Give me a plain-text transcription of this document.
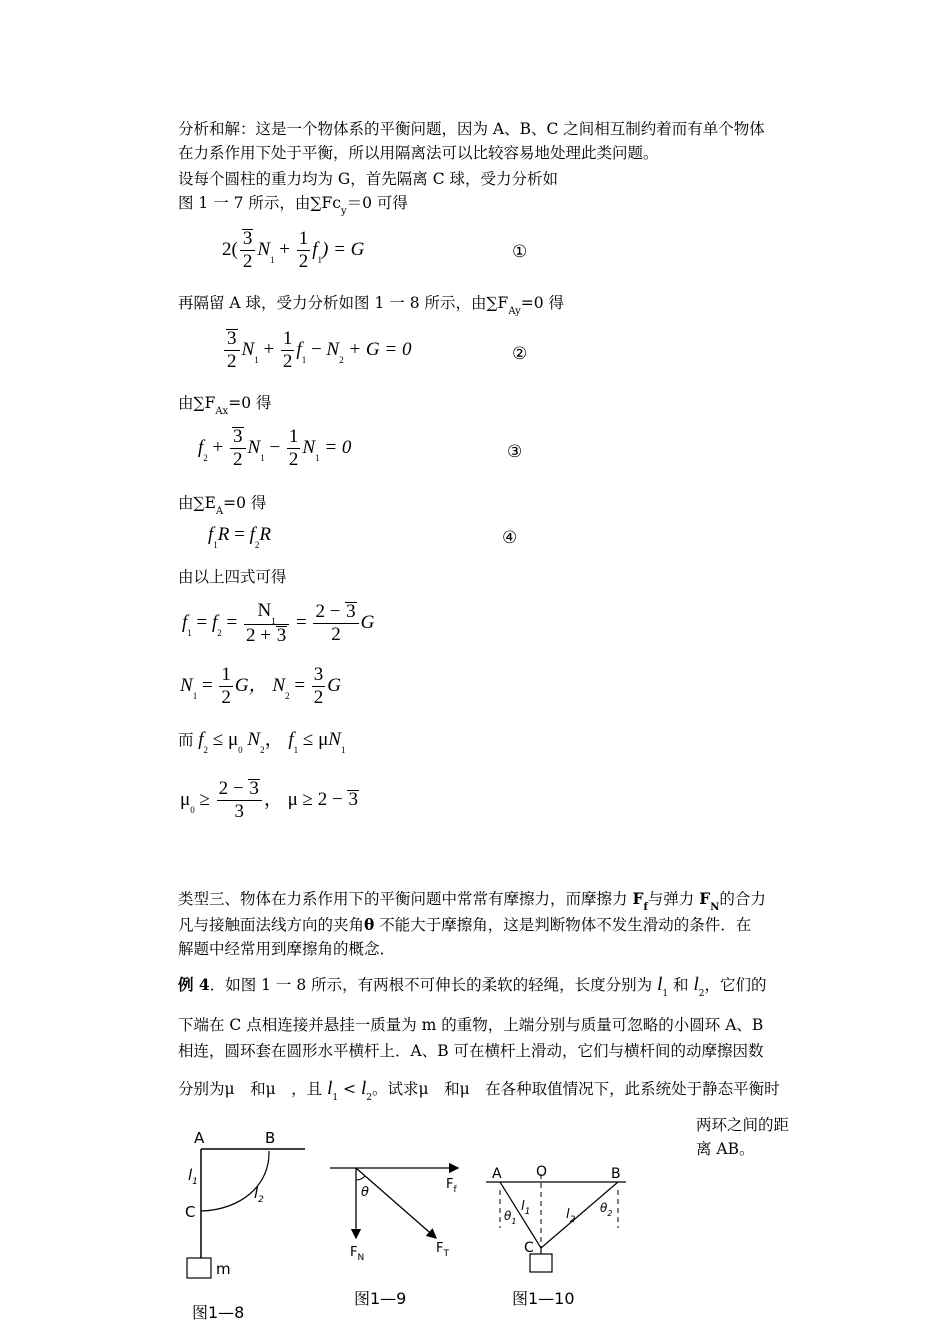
分析和解：这是一个物体系的平衡问题，因为 A、B、C 之间相互制约着而有单个物体
在力系作用下处于平衡，所以用隔离法可以比较容易地处理此类问题。
设每个圆柱的重力均为 G，首先隔离 C 球，受力分析如
图 1 一 7 所示，由$\sum Fc_y=0$ 可得
$2( \frac{3}{2} N_1 + \frac{1}{2} f_1) = G$	①
再隔留 A 球，受力分析如图 1 一 8 所示，由$\sum F_{Ay}=0$ 得
$\frac{3}{2} N_1 + \frac{1}{2} f_1 - N_2 + G = 0$	②
由$\sum F_{Ax}=0$ 得
$f_2 + \frac{3}{2} N_1 - \frac{1}{2} N_1 = 0$	③
由$\sum E_A=0$ 得
$f_1R = f_2R$	④
由以上四式可得
$f_1 = f_2 = \frac{N_1}{2 + 3} = \frac{2 - 3}{2}$ G
$N_1 = \frac{1}{2}$ G， $N_2 = \frac{3}{2}$ G
而 $f_2 \le \mu_0$ $N_2$， $f_1 \le \mu N_1$
$\mu_0 \ge \frac{2 - 3}{3}$ ， μ ≥ 2 − 3
类型三、物体在力系作用下的平衡问题中常常有摩擦力，而摩擦力 $F_f$与弹力 $F_N$的合力
凡与接触面法线方向的夹角θ 不能大于摩擦角，这是判断物体不发生滑动的条件．在
解题中经常用到摩擦角的概念．
例 4．如图 1 一 8 所示，有两根不可伸长的柔软的轻绳，长度分别为 $l_1$ 和 $l_2$，它们的
下端在 C 点相连接并悬挂一质量为 m 的重物，上端分别与质量可忽略的小圆环 A、B
相连，圆环套在圆形水平横杆上．A、B 可在横杆上滑动，它们与横杆间的动摩擦因数
分别为μ　和μ　，且 $l_1 < l_2$。试求μ　和μ　在各种取值情况下，此系统处于静态平衡时
两环之间的距
离 AB。
A	B
C
$l_1$
$l_2$
m
图1—8
θ
$F_f$
$F_N$
$F_T$
图1—9
A O	B
C
$l_1$	$l_2$
$\theta_1$
$\theta_2$
图1—10
